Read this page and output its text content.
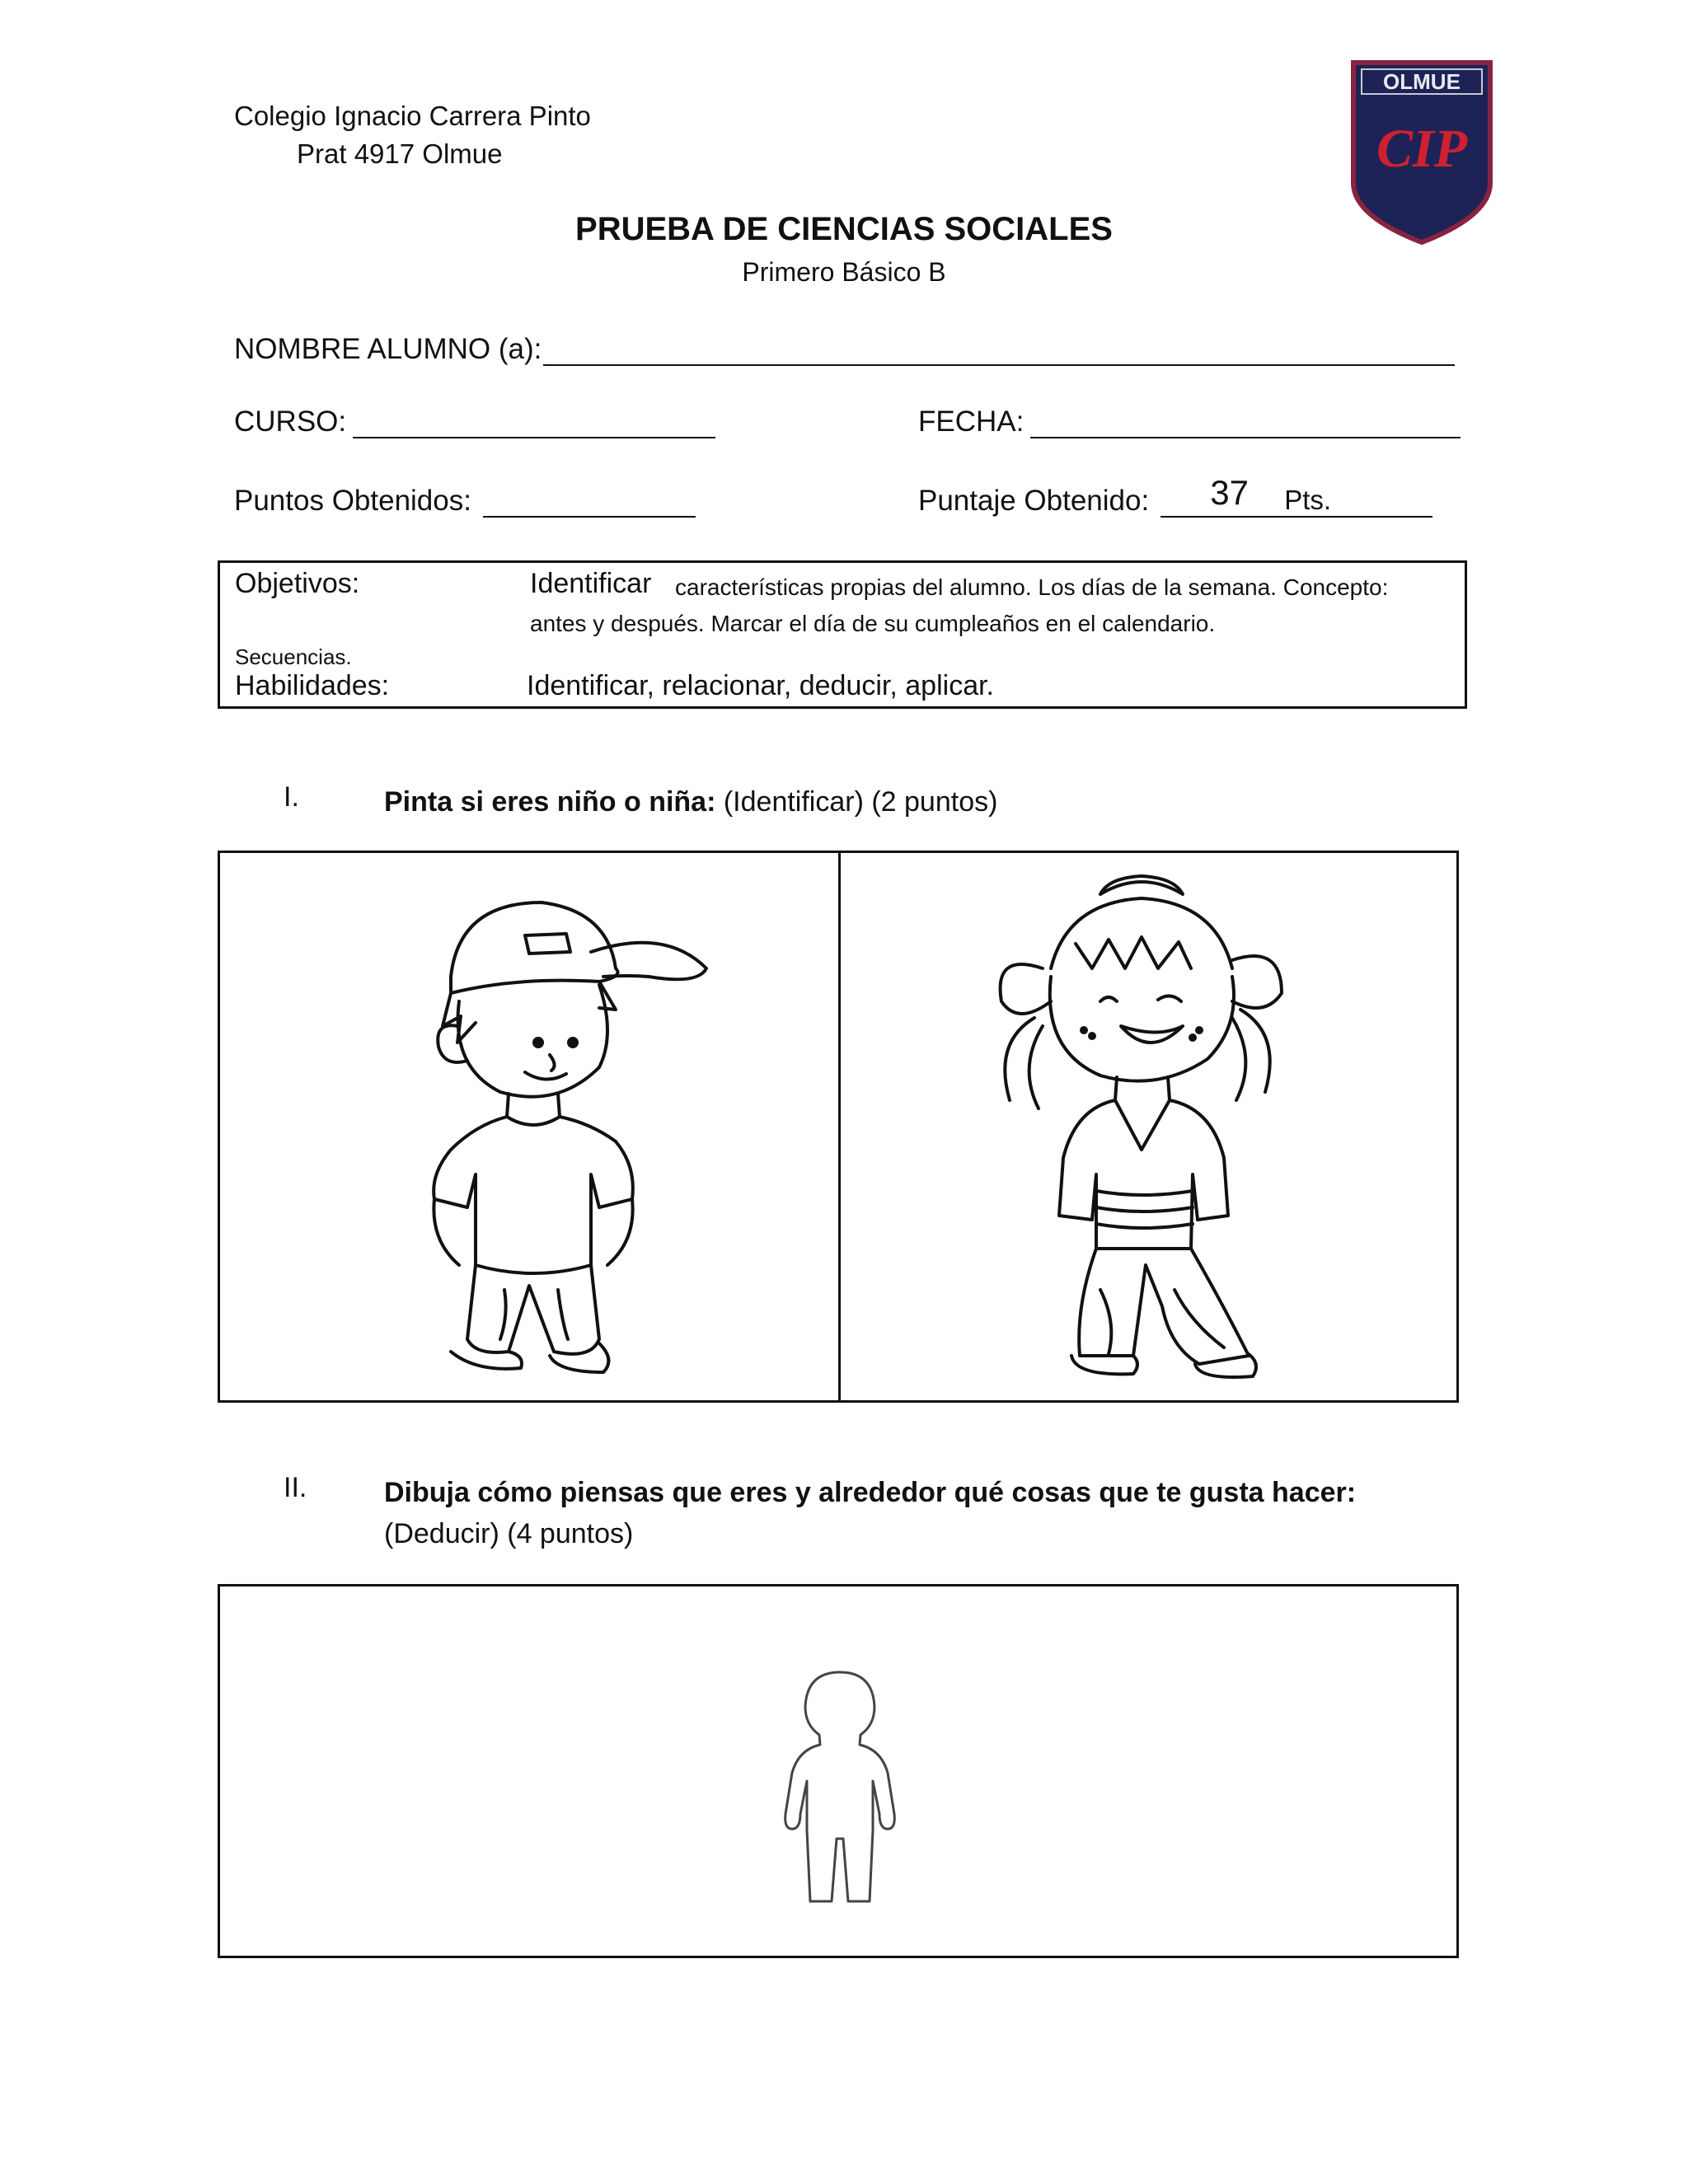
Colegio Ignacio Carrera Pinto
Prat 4917 Olmue
OLMUE
CIP
PRUEBA DE CIENCIAS SOCIALES
Primero Básico B
NOMBRE ALUMNO (a):
CURSO:	FECHA:
Puntos Obtenidos:	Puntaje Obtenido: 37 Pts.
Objetivos:	Identificar características propias del alumno. Los días de la semana. Concepto:
antes y después. Marcar el día de su cumpleaños en el calendario.
Secuencias.
Habilidades:	Identificar, relacionar, deducir, aplicar.
I.	Pinta si eres niño o niña: (Identificar) (2 puntos)
II.	Dibuja cómo piensas que eres y alrededor qué cosas que te gusta hacer: (Deducir) (4 puntos)
